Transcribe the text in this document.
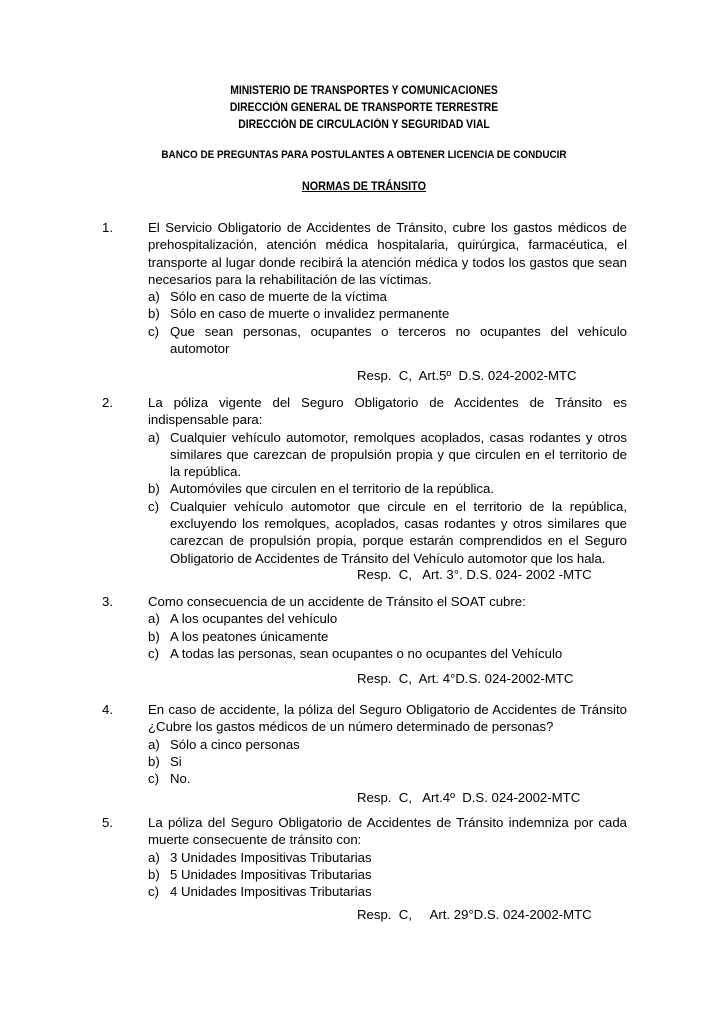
MINISTERIO DE TRANSPORTES Y COMUNICACIONES
DIRECCIÓN GENERAL DE TRANSPORTE TERRESTRE
DIRECCIÓN DE CIRCULACIÓN Y SEGURIDAD VIAL
BANCO DE PREGUNTAS PARA POSTULANTES A OBTENER LICENCIA DE CONDUCIR
NORMAS DE TRÁNSITO
1.	El Servicio Obligatorio de Accidentes de Tránsito, cubre los gastos médicos de prehospitalización, atención médica hospitalaria, quirúrgica, farmacéutica, el transporte al lugar donde recibirá la atención médica y todos los gastos que sean necesarios para la rehabilitación de las víctimas.

a) Sólo en caso de muerte de la víctima

b) Sólo en caso de muerte o invalidez permanente

c) Que sean personas, ocupantes o terceros no ocupantes del vehículo automotor

Resp.  C,  Art.5º  D.S. 024-2002-MTC
2.	La póliza vigente del Seguro Obligatorio de Accidentes de Tránsito es indispensable para:

a) Cualquier vehículo automotor, remolques acoplados, casas rodantes y otros similares que carezcan de propulsión propia y que circulen en el territorio de la república.

b) Automóviles que circulen en el territorio de la república.

c) Cualquier vehículo automotor que circule en el territorio de la república, excluyendo los remolques, acoplados, casas rodantes y otros similares que carezcan de propulsión propia, porque estarán comprendidos en el Seguro Obligatorio de Accidentes de Tránsito del Vehículo automotor que los hala.

Resp.  C,   Art. 3°. D.S. 024- 2002 -MTC
3.	Como consecuencia de un accidente de Tránsito el SOAT cubre:

a) A los ocupantes del vehículo

b) A los peatones únicamente

c) A todas las personas, sean ocupantes o no ocupantes del Vehículo

Resp.  C,  Art. 4°D.S. 024-2002-MTC
4.	En caso de accidente, la póliza del Seguro Obligatorio de Accidentes de Tránsito ¿Cubre los gastos médicos de un número determinado de personas?

a) Sólo a cinco personas

b) Si

c) No.

Resp.  C,   Art.4º  D.S. 024-2002-MTC
5.	La póliza del Seguro Obligatorio de Accidentes de Tránsito indemniza por cada muerte consecuente de tránsito con:

a) 3 Unidades Impositivas Tributarias

b) 5 Unidades Impositivas Tributarias

c) 4 Unidades Impositivas Tributarias

Resp.  C,     Art. 29°D.S. 024-2002-MTC
